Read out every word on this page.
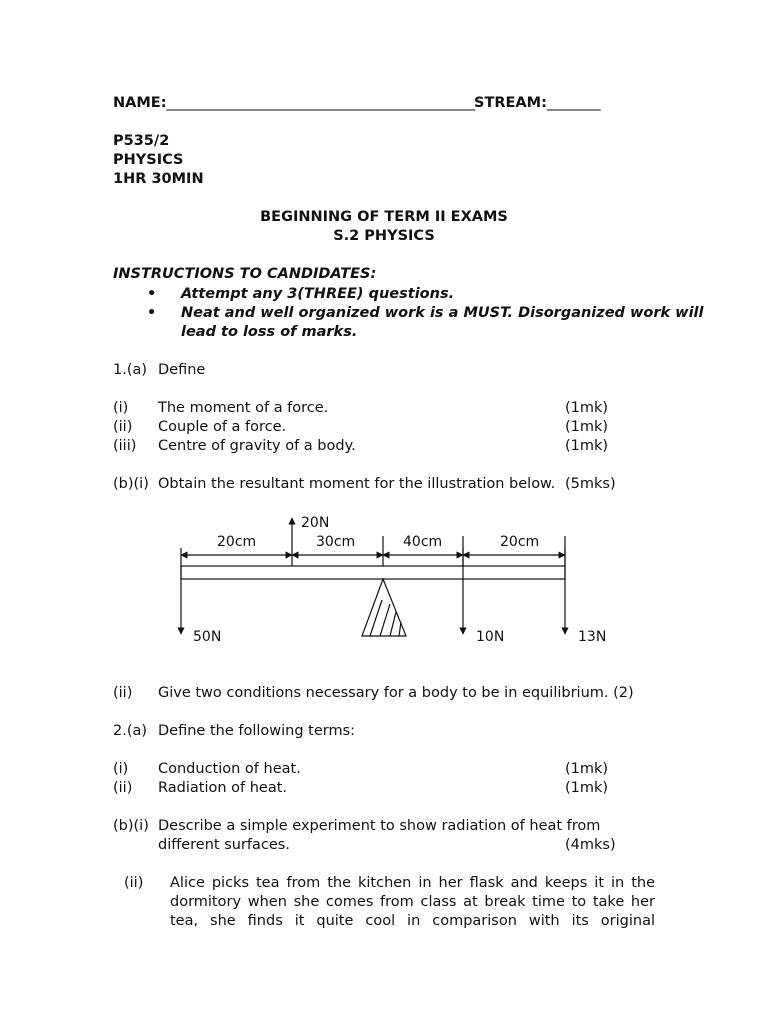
NAME:__________________________________________________STREAM:________
P535/2
PHYSICS
1HR 30MIN
BEGINNING OF TERM II EXAMS
S.2 PHYSICS
INSTRUCTIONS TO CANDIDATES:
• Attempt any 3(THREE) questions.
• Neat and well organized work is a MUST. Disorganized work will
lead to loss of marks.
1.(a) Define
(i) The moment of a force.	(1mk)
(ii) Couple of a force.	(1mk)
(iii) Centre of gravity of a body.	(1mk)
(b)(i) Obtain the resultant moment for the illustration below. (5mks)
20cm	30cm	40cm	20cm
20N
50N	10N	13N
(ii) Give two conditions necessary for a body to be in equilibrium. (2)
2.(a) Define the following terms:
(i) Conduction of heat.	(1mk)
(ii) Radiation of heat.	(1mk)
(b)(i) Describe a simple experiment to show radiation of heat from
different surfaces.	(4mks)
(ii) Alice picks tea from the kitchen in her flask and keeps it in the
dormitory when she comes from class at break time to take her
tea, she finds it quite cool in comparison with its original
